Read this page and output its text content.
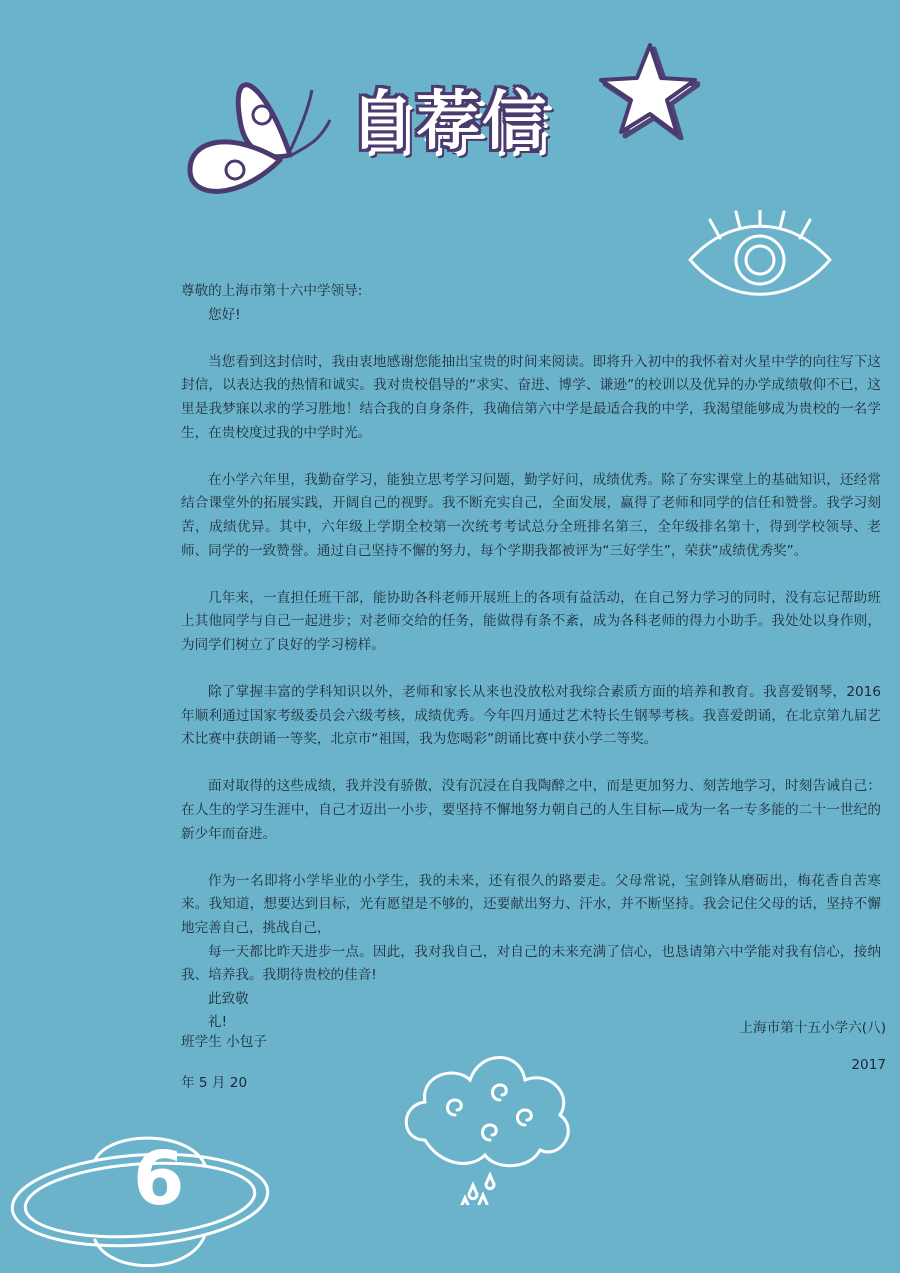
自荐信

尊敬的上海市第十六中学领导:

您好!

当您看到这封信时，我由衷地感谢您能抽出宝贵的时间来阅读。即将升入初中的我怀着对火星中学的向往写下这封信，以表达我的热情和诚实。我对贵校倡导的“求实、奋进、博学、谦逊”的校训以及优异的办学成绩敬仰不已，这里是我梦寐以求的学习胜地！结合我的自身条件，我确信第六中学是最适合我的中学，我渴望能够成为贵校的一名学生，在贵校度过我的中学时光。

在小学六年里，我勤奋学习，能独立思考学习问题，勤学好问，成绩优秀。除了夯实课堂上的基础知识，还经常结合课堂外的拓展实践，开阔自己的视野。我不断充实自己，全面发展，赢得了老师和同学的信任和赞誉。我学习刻苦，成绩优异。其中，六年级上学期全校第一次统考考试总分全班排名第三，全年级排名第十，得到学校领导、老师、同学的一致赞誉。通过自己坚持不懈的努力，每个学期我都被评为“三好学生”，荣获“成绩优秀奖”。

几年来，一直担任班干部，能协助各科老师开展班上的各项有益活动，在自己努力学习的同时，没有忘记帮助班上其他同学与自己一起进步；对老师交给的任务，能做得有条不紊，成为各科老师的得力小助手。我处处以身作则，为同学们树立了良好的学习榜样。

除了掌握丰富的学科知识以外，老师和家长从来也没放松对我综合素质方面的培养和教育。我喜爱钢琴，2016 年顺利通过国家考级委员会六级考核，成绩优秀。今年四月通过艺术特长生钢琴考核。我喜爱朗诵，在北京第九届艺术比赛中获朗诵一等奖，北京市“祖国，我为您喝彩”朗诵比赛中获小学二等奖。

面对取得的这些成绩，我并没有骄傲，没有沉浸在自我陶醉之中，而是更加努力、刻苦地学习，时刻告诫自己：在人生的学习生涯中，自己才迈出一小步，要坚持不懈地努力朝自己的人生目标—成为一名一专多能的二十一世纪的新少年而奋进。

作为一名即将小学毕业的小学生，我的未来，还有很久的路要走。父母常说，宝剑锋从磨砺出，梅花香自苦寒来。我知道，想要达到目标，光有愿望是不够的，还要献出努力、汗水，并不断坚持。我会记住父母的话，坚持不懈地完善自己，挑战自己，

每一天都比昨天进步一点。因此，我对我自己，对自己的未来充满了信心，也恳请第六中学能对我有信心，接纳我、培养我。我期待贵校的佳音!

此致敬

礼!	上海市第十五小学六(八)
班学生 小包子
2017
年 5 月 20
6
